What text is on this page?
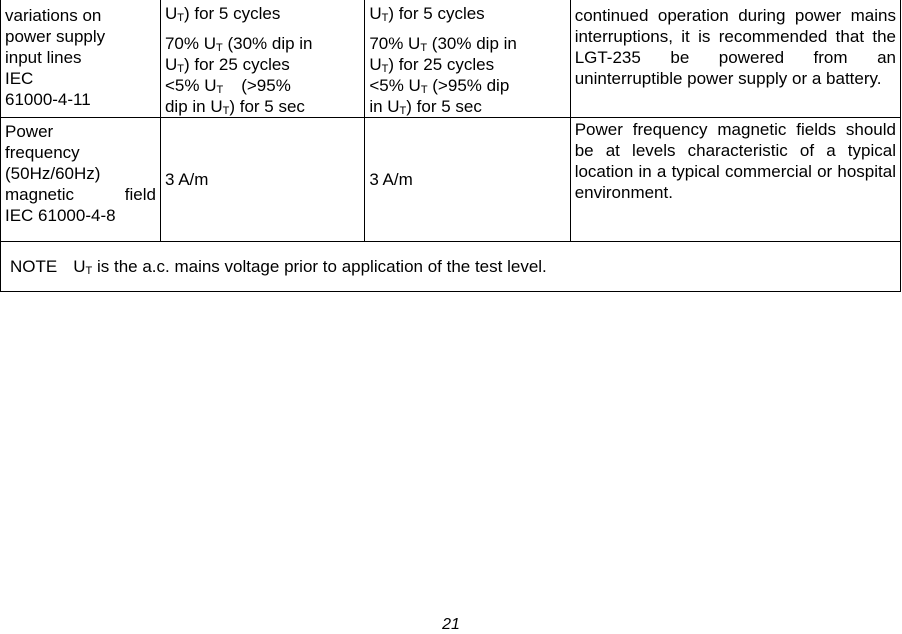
variations on
power supply
input lines
IEC
61000-4-11	$U_T$) for 5 cycles
70% $U_T$ (30% dip in
$U_T$) for 25 cycles
<5% $U_T$ (>95%
dip in $U_T$) for 5 sec	$U_T$) for 5 cycles
70% $U_T$ (30% dip in
$U_T$) for 25 cycles
<5% $U_T$ (>95% dip
in $U_T$) for 5 sec	continued operation during power mains interruptions, it is recommended that the LGT-235 be powered from an uninterruptible power supply or a battery.

Power
frequency
(50Hz/60Hz)
magnetic field
IEC 61000-4-8	3 A/m	3 A/m	Power frequency magnetic fields should be at levels characteristic of a typical location in a typical commercial or hospital environment.
NOTE $U_T$ is the a.c. mains voltage prior to application of the test level.			
21
